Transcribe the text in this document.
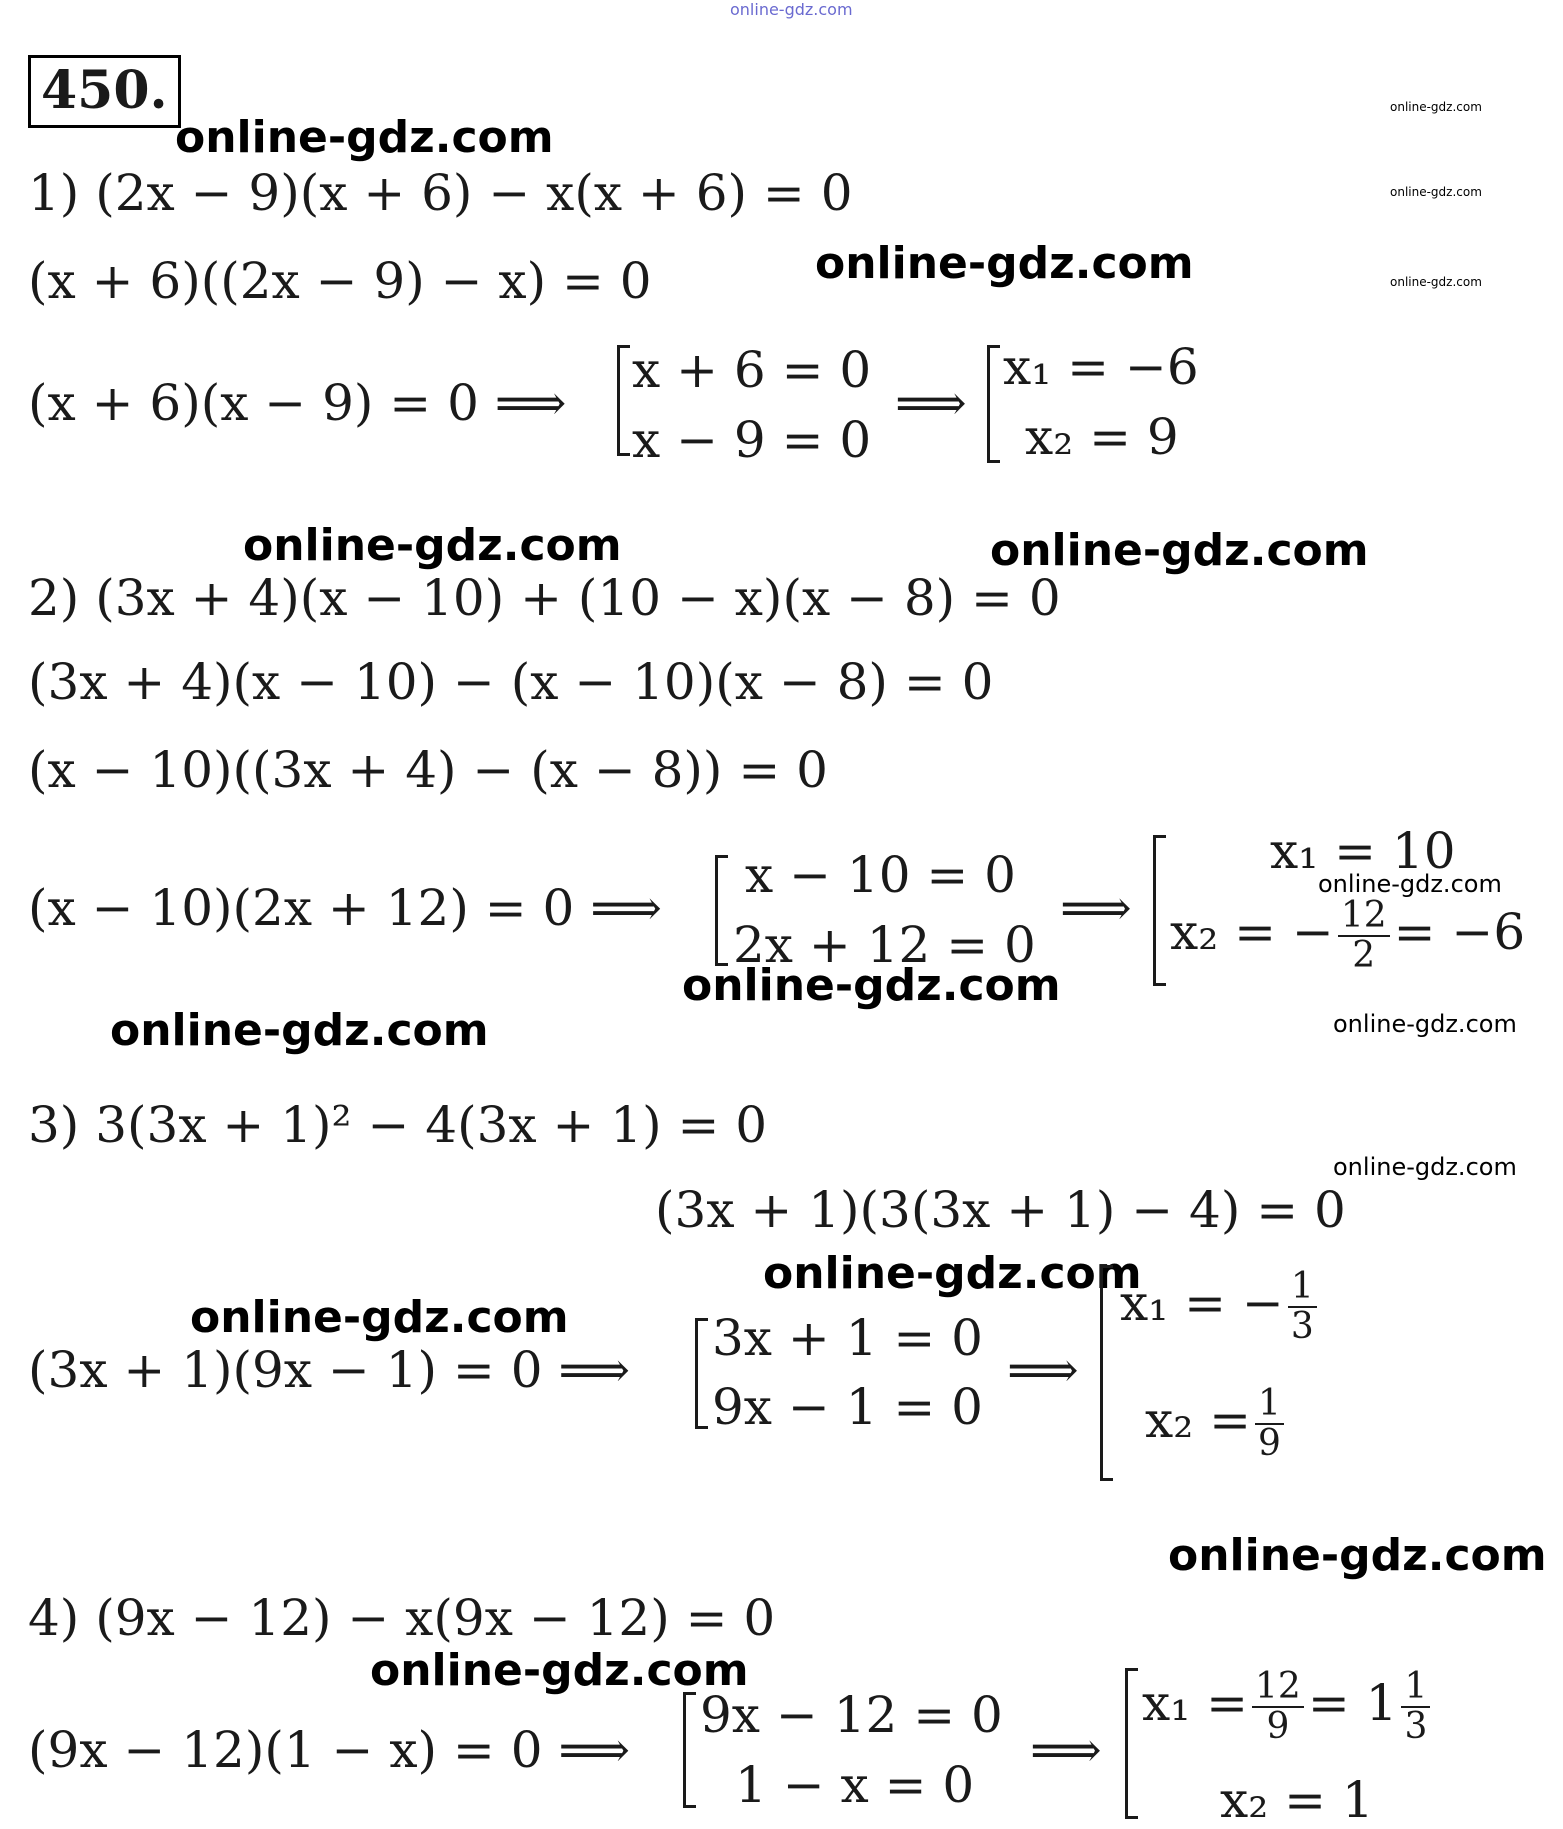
online-gdz.com
450.
online-gdz.com
online-gdz.com
online-gdz.com
online-gdz.com
online-gdz.com
online-gdz.com	online-gdz.com
online-gdz.com
online-gdz.com
online-gdz.com	online-gdz.com
online-gdz.com
online-gdz.com
online-gdz.com
online-gdz.com
online-gdz.com
1) (2x − 9)(x + 6) − x(x + 6) = 0
(x + 6)((2x − 9) − x) = 0
(x + 6)(x − 9) = 0 ⟹
x + 6 = 0
x − 9 = 0
⟹
x₁ = −6
x₂ = 9
2) (3x + 4)(x − 10) + (10 − x)(x − 8) = 0
(3x + 4)(x − 10) − (x − 10)(x − 8) = 0
(x − 10)((3x + 4) − (x − 8)) = 0
(x − 10)(2x + 12) = 0 ⟹
x − 10 = 0
2x + 12 = 0
⟹
x₁ = 10
x₂ = − $\frac{12}{2} = -6$
3) 3(3x + 1)² − 4(3x + 1) = 0
(3x + 1)(3(3x + 1) − 4) = 0
(3x + 1)(9x − 1) = 0 ⟹
3x + 1 = 0
9x − 1 = 0
⟹
x₁ = − $\frac{1}{3}$
$x_2 = \frac{1}{9}$
4) (9x − 12) − x(9x − 12) = 0
(9x − 12)(1 − x) = 0 ⟹
9x − 12 = 0
1 − x = 0
⟹
$x_1 = \frac{12}{9} = 1 \frac{1}{3}$
x₂ = 1
